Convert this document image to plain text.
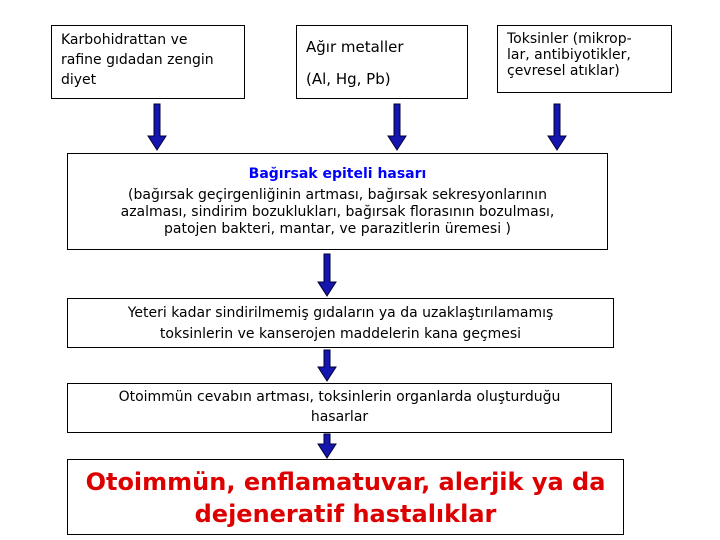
Karbohidrattan ve
rafine gıdadan zengin
diyet
Ağır metaller
(Al, Hg, Pb)
Toksinler (mikrop-
lar, antibiyotikler,
çevresel atıklar)
Bağırsak epiteli hasarı
(bağırsak geçirgenliğinin artması, bağırsak sekresyonlarının
azalması, sindirim bozuklukları, bağırsak florasının bozulması,
patojen bakteri, mantar, ve parazitlerin üremesi )
Yeteri kadar sindirilmemiş gıdaların ya da uzaklaştırılamamış
toksinlerin ve kanserojen maddelerin kana geçmesi
Otoimmün cevabın artması, toksinlerin organlarda oluşturduğu
hasarlar
Otoimmün, enflamatuvar, alerjik ya da
dejeneratif hastalıklar
